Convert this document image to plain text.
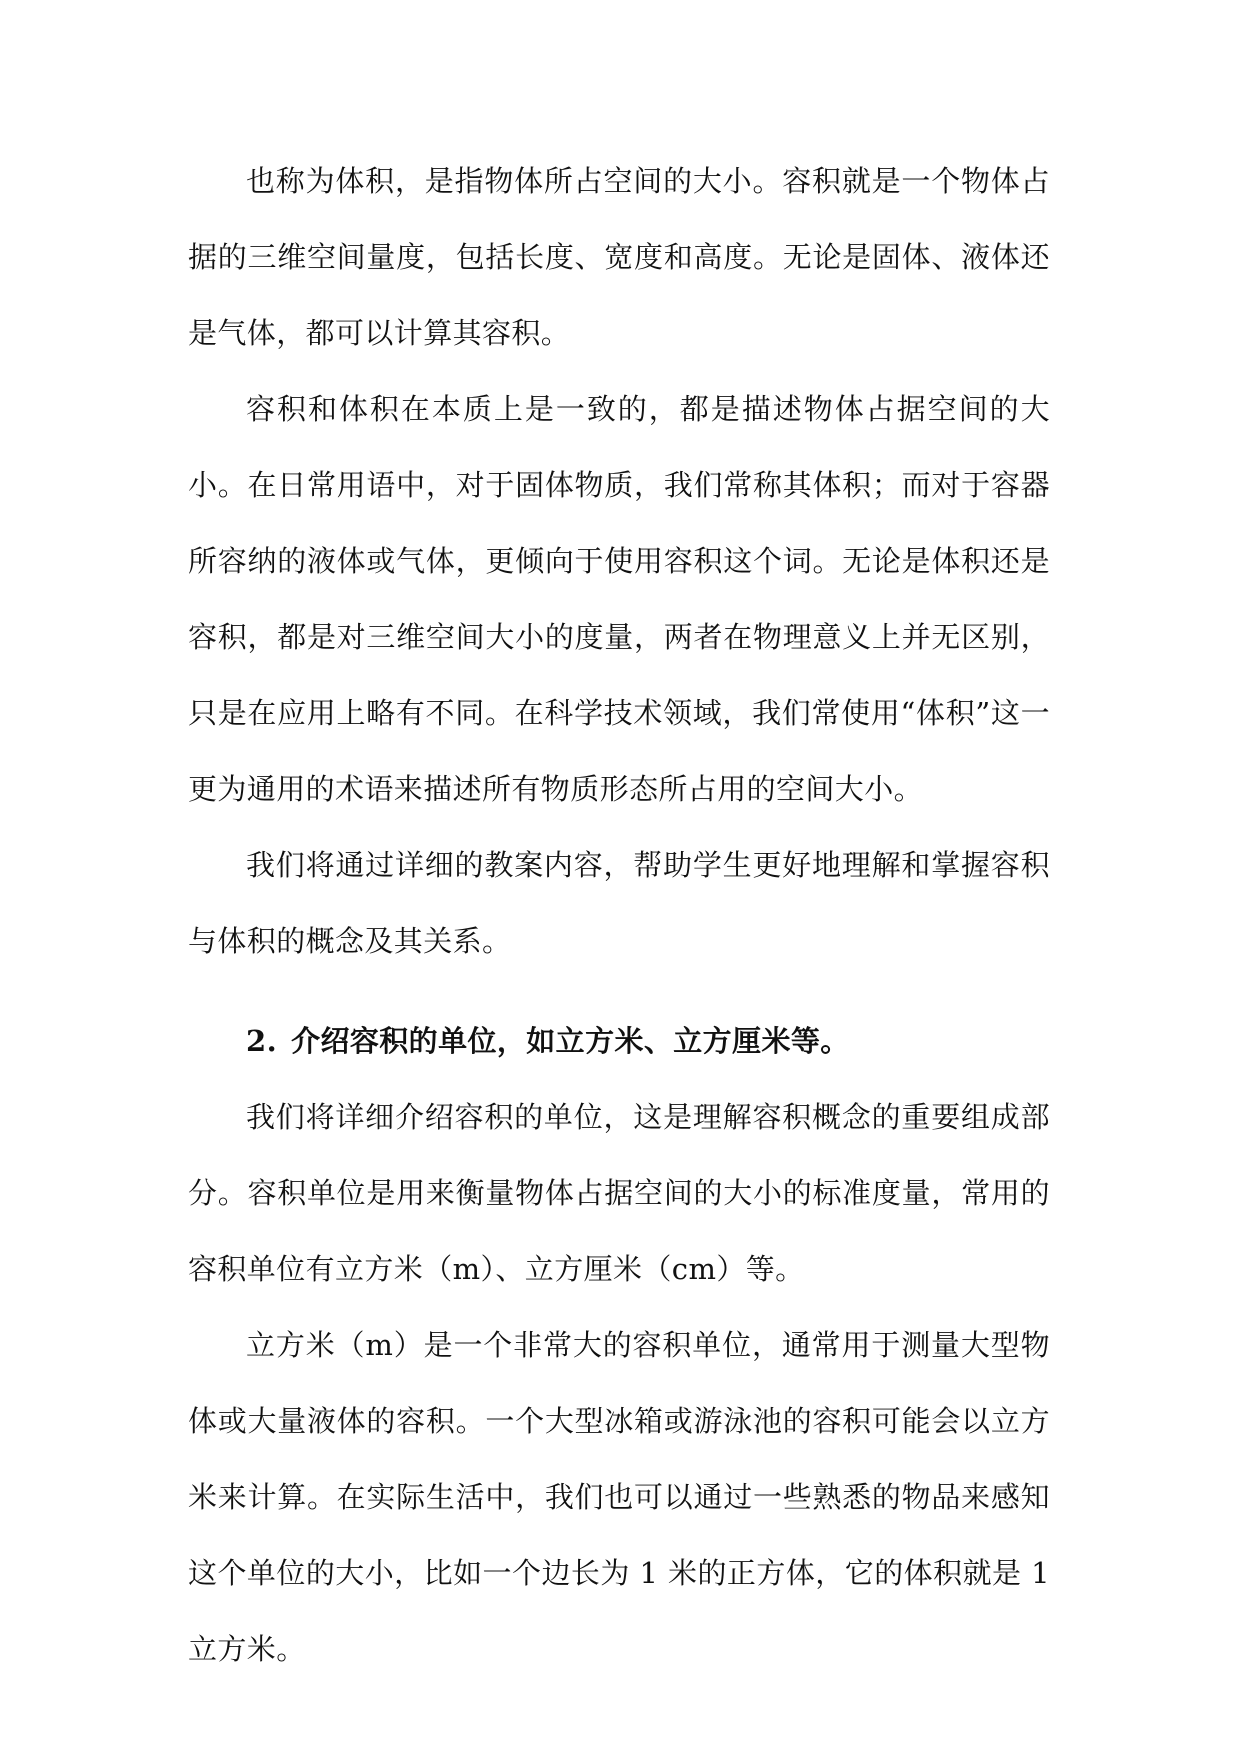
也称为体积，是指物体所占空间的大小。容积就是一个物体占据的三维空间量度，包括长度、宽度和高度。无论是固体、液体还是气体，都可以计算其容积。

容积和体积在本质上是一致的，都是描述物体占据空间的大小。在日常用语中，对于固体物质，我们常称其体积；而对于容器所容纳的液体或气体，更倾向于使用容积这个词。无论是体积还是容积，都是对三维空间大小的度量，两者在物理意义上并无区别，只是在应用上略有不同。在科学技术领域，我们常使用“体积”这一更为通用的术语来描述所有物质形态所占用的空间大小。

我们将通过详细的教案内容，帮助学生更好地理解和掌握容积与体积的概念及其关系。

2. 介绍容积的单位，如立方米、立方厘米等。

我们将详细介绍容积的单位，这是理解容积概念的重要组成部分。容积单位是用来衡量物体占据空间的大小的标准度量，常用的容积单位有立方米（m）、立方厘米（cm）等。

立方米（m）是一个非常大的容积单位，通常用于测量大型物体或大量液体的容积。一个大型冰箱或游泳池的容积可能会以立方米来计算。在实际生活中，我们也可以通过一些熟悉的物品来感知这个单位的大小，比如一个边长为 1 米的正方体，它的体积就是 1 立方米。
